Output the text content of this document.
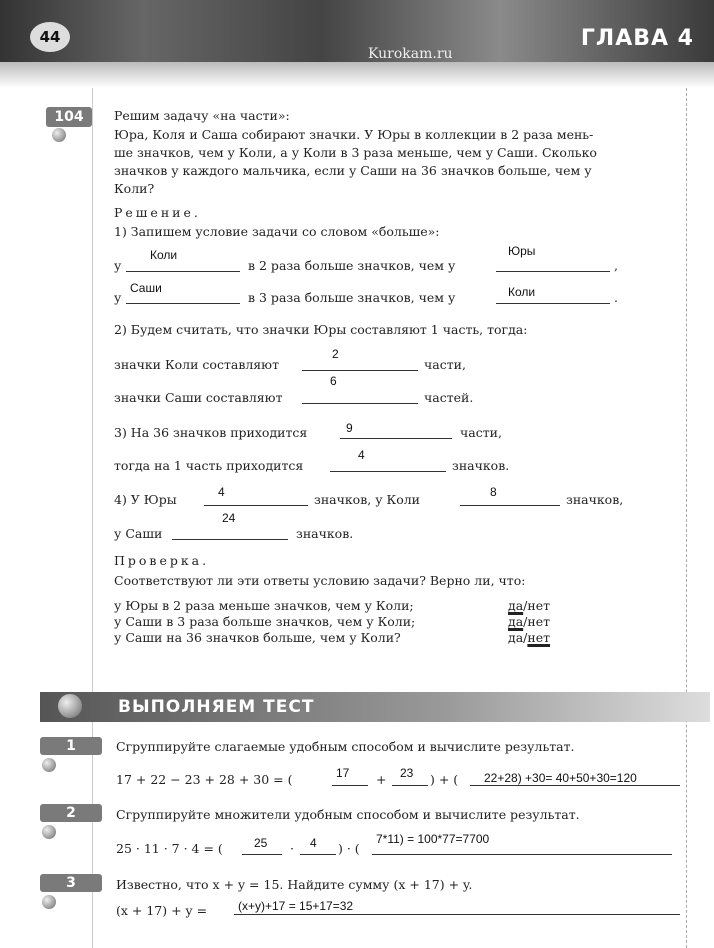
44	ГЛАВА 4
Kurokam.ru
104	Решим задачу «на части»:
Юра, Коля и Саша собирают значки. У Юры в коллекции в 2 раза мень-
ше значков, чем у Коли, а у Коли в 3 раза меньше, чем у Саши. Сколько
значков у каждого мальчика, если у Саши на 36 значков больше, чем у
Коли?
Решение.
1) Запишем условие задачи со словом «больше»:
у
Коли
в 2 раза больше значков, чем у
Юры
,
у
Саши
в 3 раза больше значков, чем у	Коли	.
2) Будем считать, что значки Юры составляют 1 часть, тогда:
значки Коли составляют
2
части,
значки Саши составляют
6
частей.
3) На 36 значков приходится	9	части,
тогда на 1 часть приходится
4
значков.
4) У Юры	4	значков, у Коли	8	значков,
у Саши
24
значков.
Проверка.
Соответствуют ли эти ответы условию задачи? Верно ли, что:
у Юры в 2 раза меньше значков, чем у Коли;	да/нет
у Саши в 3 раза больше значков, чем у Коли;	да/нет
у Саши на 36 значков больше, чем у Коли?	да/нет
ВЫПОЛНЯЕМ ТЕСТ
1	Сгруппируйте слагаемые удобным способом и вычислите результат.
17 + 22 − 23 + 28 + 30 = (	17 + 23 ) + ( 22+28) +30= 40+50+30=120
2	Сгруппируйте множители удобным способом и вычислите результат.
25 · 11 · 7 · 4 = (	25 · 4 ) · (
7*11) = 100*77=7700
3	Известно, что x + y = 15. Найдите сумму (x + 17) + y.
(x + 17) + y =	(x+y)+17 = 15+17=32
